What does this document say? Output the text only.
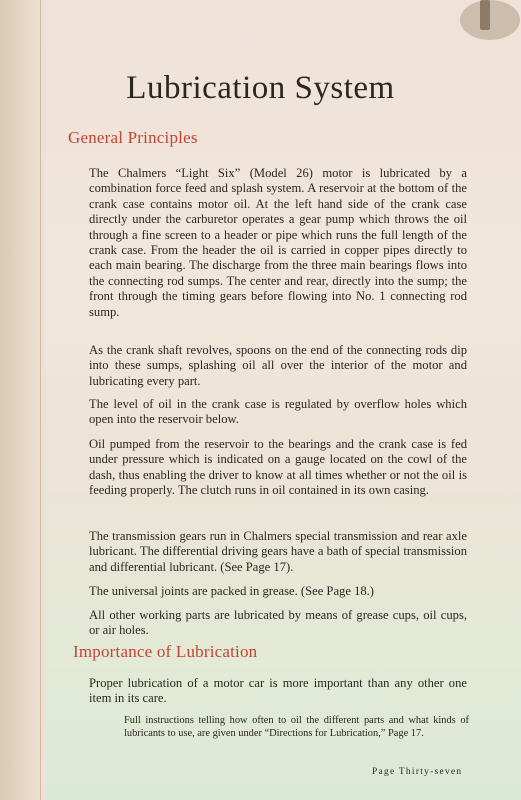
Lubrication System
General Principles

The Chalmers “Light Six” (Model 26) motor is lubricated by a combination force feed and splash system. A reservoir at the bottom of the crank case contains motor oil. At the left hand side of the crank case directly under the carburetor operates a gear pump which throws the oil through a fine screen to a header or pipe which runs the full length of the crank case. From the header the oil is carried in copper pipes directly to each main bearing. The discharge from the three main bearings flows into the connecting rod sumps. The center and rear, directly into the sump; the front through the timing gears before flowing into No. 1 connecting rod sump.

As the crank shaft revolves, spoons on the end of the connecting rods dip into these sumps, splashing oil all over the interior of the motor and lubricating every part.

The level of oil in the crank case is regulated by overflow holes which open into the reservoir below.

Oil pumped from the reservoir to the bearings and the crank case is fed under pressure which is indicated on a gauge located on the cowl of the dash, thus enabling the driver to know at all times whether or not the oil is feeding properly. The clutch runs in oil contained in its own casing.

The transmission gears run in Chalmers special transmission and rear axle lubricant. The differential driving gears have a bath of special transmission and differential lubricant. (See Page 17).

The universal joints are packed in grease. (See Page 18.)

All other working parts are lubricated by means of grease cups, oil cups, or air holes.

Importance of Lubrication

Proper lubrication of a motor car is more important than any other one item in its care.

Full instructions telling how often to oil the different parts and what kinds of lubricants to use, are given under “Directions for Lubrication,” Page 17.

Page Thirty-seven
